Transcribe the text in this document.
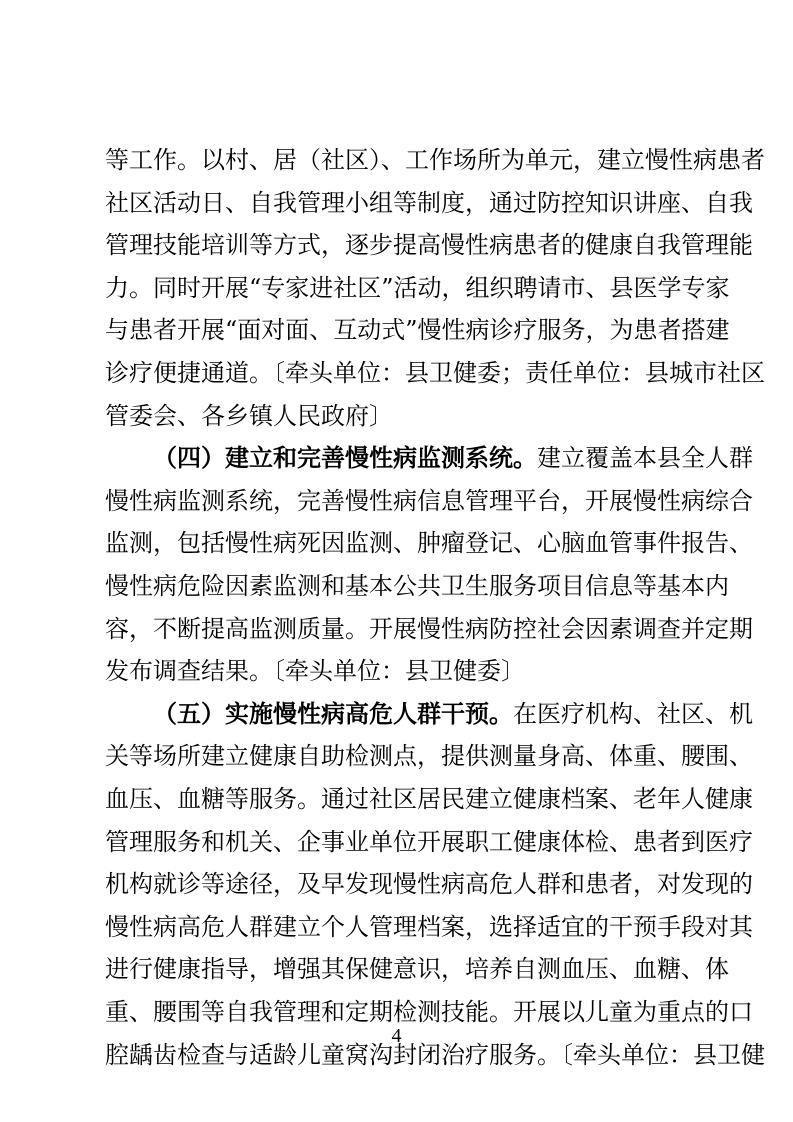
等工作。以村、居（社区）、工作场所为单元，建立慢性病患者
社区活动日、自我管理小组等制度，通过防控知识讲座、自我
管理技能培训等方式，逐步提高慢性病患者的健康自我管理能
力。同时开展“专家进社区”活动，组织聘请市、县医学专家
与患者开展“面对面、互动式”慢性病诊疗服务，为患者搭建
诊疗便捷通道。〔牵头单位：县卫健委；责任单位：县城市社区
管委会、各乡镇人民政府〕
（四）建立和完善慢性病监测系统。建立覆盖本县全人群
慢性病监测系统，完善慢性病信息管理平台，开展慢性病综合
监测，包括慢性病死因监测、肿瘤登记、心脑血管事件报告、
慢性病危险因素监测和基本公共卫生服务项目信息等基本内
容，不断提高监测质量。开展慢性病防控社会因素调查并定期
发布调查结果。〔牵头单位：县卫健委〕
（五）实施慢性病高危人群干预。在医疗机构、社区、机
关等场所建立健康自助检测点，提供测量身高、体重、腰围、
血压、血糖等服务。通过社区居民建立健康档案、老年人健康
管理服务和机关、企事业单位开展职工健康体检、患者到医疗
机构就诊等途径，及早发现慢性病高危人群和患者，对发现的
慢性病高危人群建立个人管理档案，选择适宜的干预手段对其
进行健康指导，增强其保健意识，培养自测血压、血糖、体
重、腰围等自我管理和定期检测技能。开展以儿童为重点的口
腔龋齿检查与适龄儿童窝沟封闭治疗服务。〔牵头单位：县卫健
4
